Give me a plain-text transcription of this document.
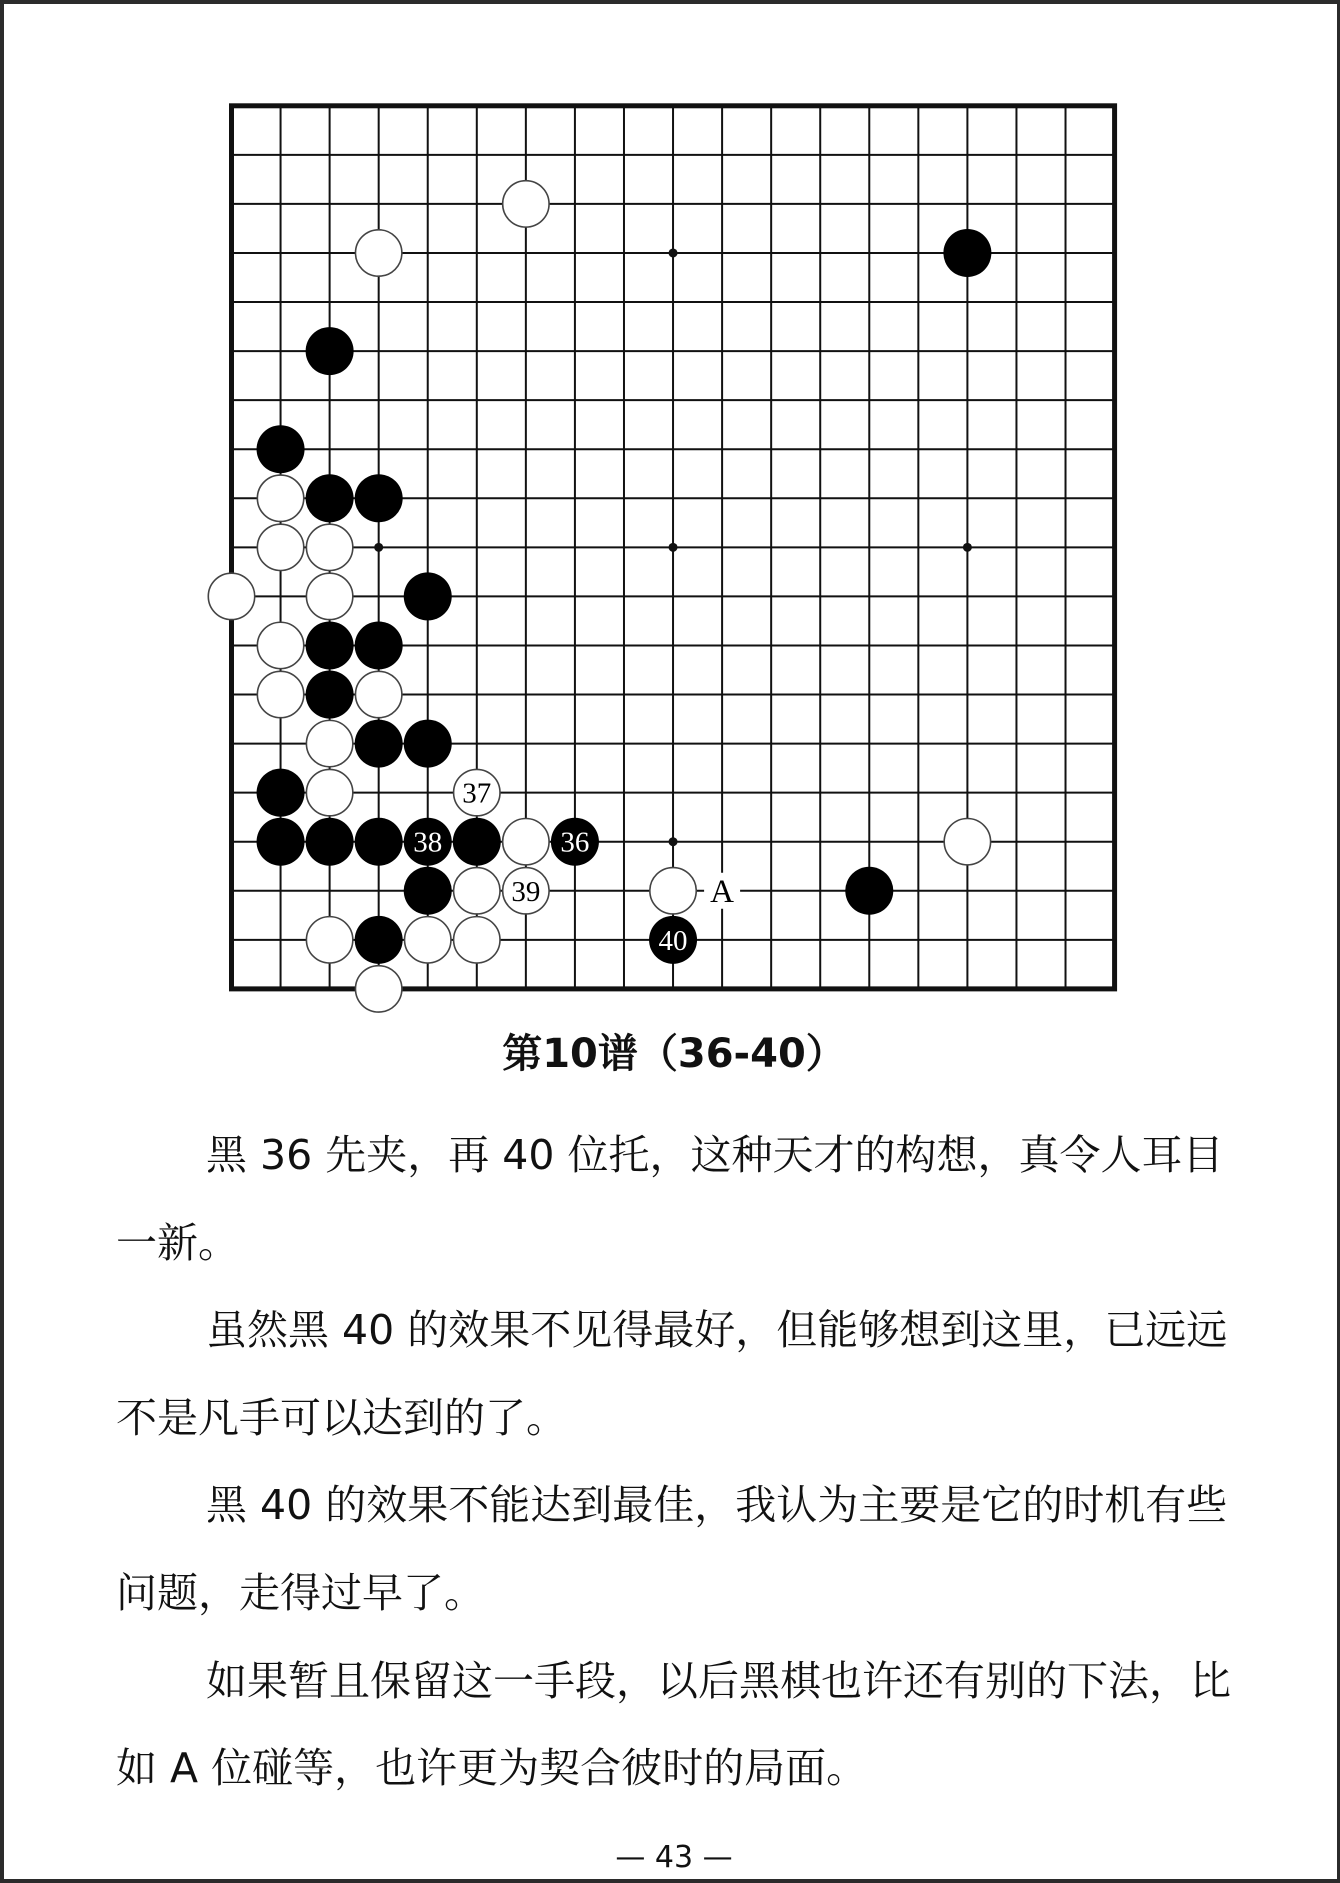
37
38	36
39
40
A
第10谱（36-40）

黑 36 先夹，再 40 位托，这种天才的构想，真令人耳目一新。

虽然黑 40 的效果不见得最好，但能够想到这里，已远远不是凡手可以达到的了。

黑 40 的效果不能达到最佳，我认为主要是它的时机有些问题，走得过早了。

如果暂且保留这一手段，以后黑棋也许还有别的下法，比如 A 位碰等，也许更为契合彼时的局面。

— 43 —
